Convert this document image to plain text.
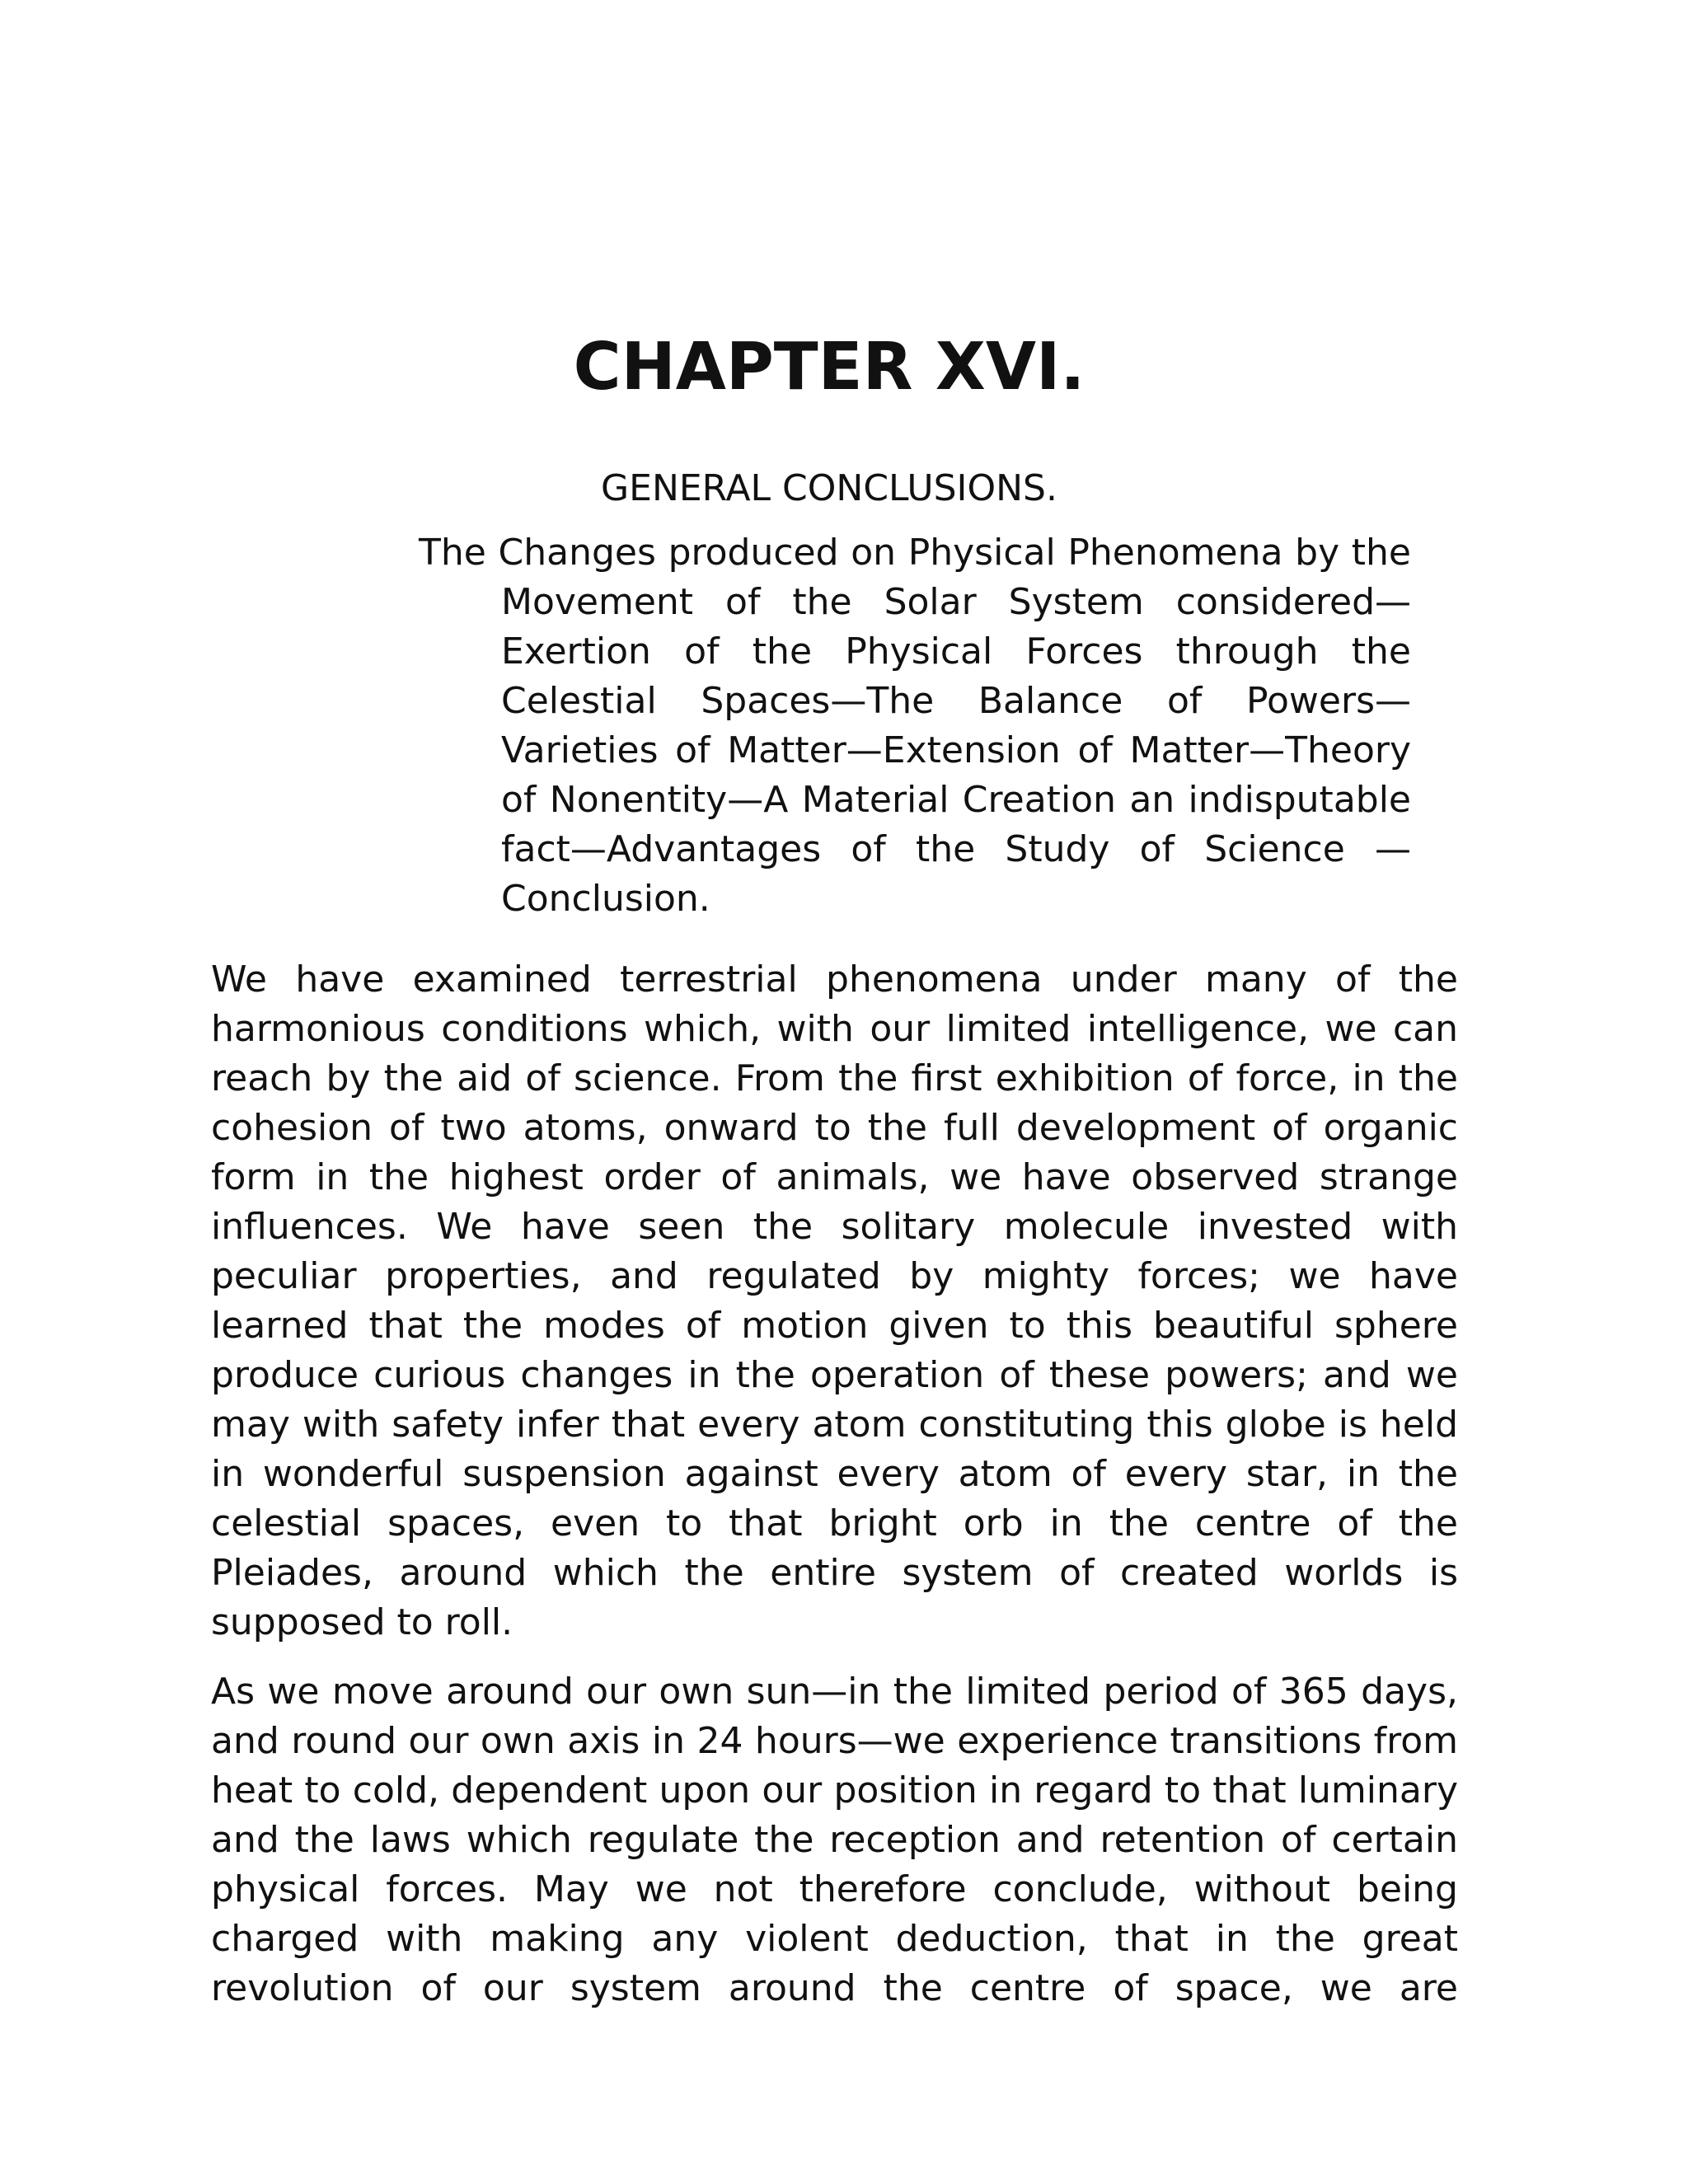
CHAPTER XVI.
GENERAL CONCLUSIONS.

The Changes produced on Physical Phenomena by the Movement of the Solar System considered—Exertion of the Physical Forces through the Celestial Spaces—The Balance of Powers—Varieties of Matter—Extension of Matter—Theory of Nonentity—A Material Creation an indisputable fact—Advantages of the Study of Science —Conclusion.

We have examined terrestrial phenomena under many of the harmonious conditions which, with our limited intelligence, we can reach by the aid of science. From the first exhibition of force, in the cohesion of two atoms, onward to the full development of organic form in the highest order of animals, we have observed strange influences. We have seen the solitary molecule invested with peculiar properties, and regulated by mighty forces; we have learned that the modes of motion given to this beautiful sphere produce curious changes in the operation of these powers; and we may with safety infer that every atom constituting this globe is held in wonderful suspension against every atom of every star, in the celestial spaces, even to that bright orb in the centre of the Pleiades, around which the entire system of created worlds is supposed to roll.

As we move around our own sun—in the limited period of 365 days, and round our own axis in 24 hours—we experience transitions from heat to cold, dependent upon our position in regard to that luminary and the laws which regulate the reception and retention of certain physical forces. May we not therefore conclude, without being charged with making any violent deduction, that in the great revolution of our system around the centre of space, we are
